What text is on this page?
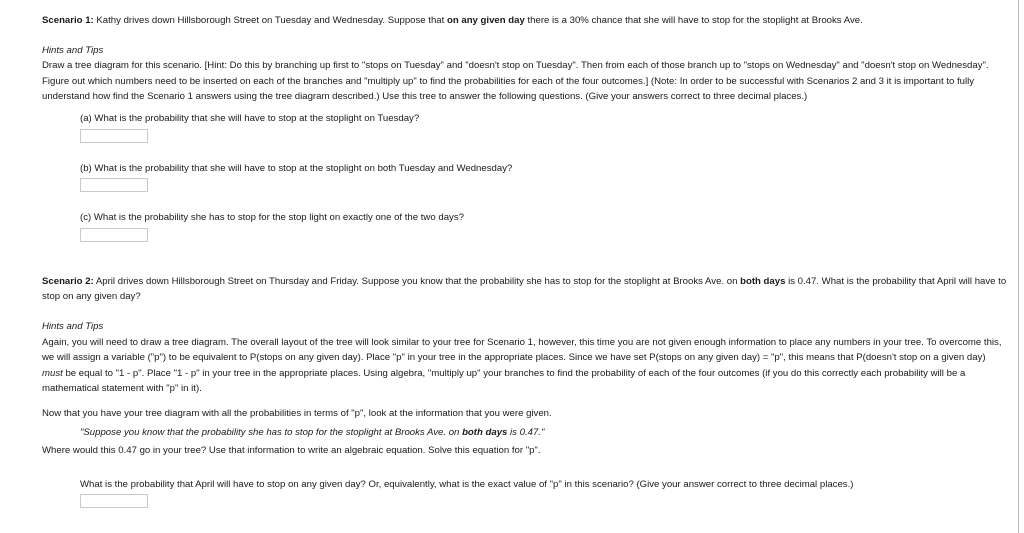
Scenario 1: Kathy drives down Hillsborough Street on Tuesday and Wednesday. Suppose that on any given day there is a 30% chance that she will have to stop for the stoplight at Brooks Ave.

Hints and Tips

Draw a tree diagram for this scenario. [Hint: Do this by branching up first to "stops on Tuesday" and "doesn't stop on Tuesday". Then from each of those branch up to "stops on Wednesday" and "doesn't stop on Wednesday". Figure out which numbers need to be inserted on each of the branches and "multiply up" to find the probabilities for each of the four outcomes.] (Note: In order to be successful with Scenarios 2 and 3 it is important to fully understand how find the Scenario 1 answers using the tree diagram described.) Use this tree to answer the following questions. (Give your answers correct to three decimal places.)

(a) What is the probability that she will have to stop at the stoplight on Tuesday?

(b) What is the probability that she will have to stop at the stoplight on both Tuesday and Wednesday?

(c) What is the probability she has to stop for the stop light on exactly one of the two days?

Scenario 2: April drives down Hillsborough Street on Thursday and Friday. Suppose you know that the probability she has to stop for the stoplight at Brooks Ave. on both days is 0.47. What is the probability that April will have to stop on any given day?

Hints and Tips

Again, you will need to draw a tree diagram. The overall layout of the tree will look similar to your tree for Scenario 1, however, this time you are not given enough information to place any numbers in your tree. To overcome this, we will assign a variable ("p") to be equivalent to P(stops on any given day). Place "p" in your tree in the appropriate places. Since we have set P(stops on any given day) = "p", this means that P(doesn't stop on a given day) must be equal to "1 - p". Place "1 - p" in your tree in the appropriate places. Using algebra, "multiply up" your branches to find the probability of each of the four outcomes (if you do this correctly each probability will be a mathematical statement with "p" in it).

Now that you have your tree diagram with all the probabilities in terms of "p", look at the information that you were given.

"Suppose you know that the probability she has to stop for the stoplight at Brooks Ave. on both days is 0.47."

Where would this 0.47 go in your tree? Use that information to write an algebraic equation. Solve this equation for "p".

What is the probability that April will have to stop on any given day? Or, equivalently, what is the exact value of "p" in this scenario? (Give your answer correct to three decimal places.)
